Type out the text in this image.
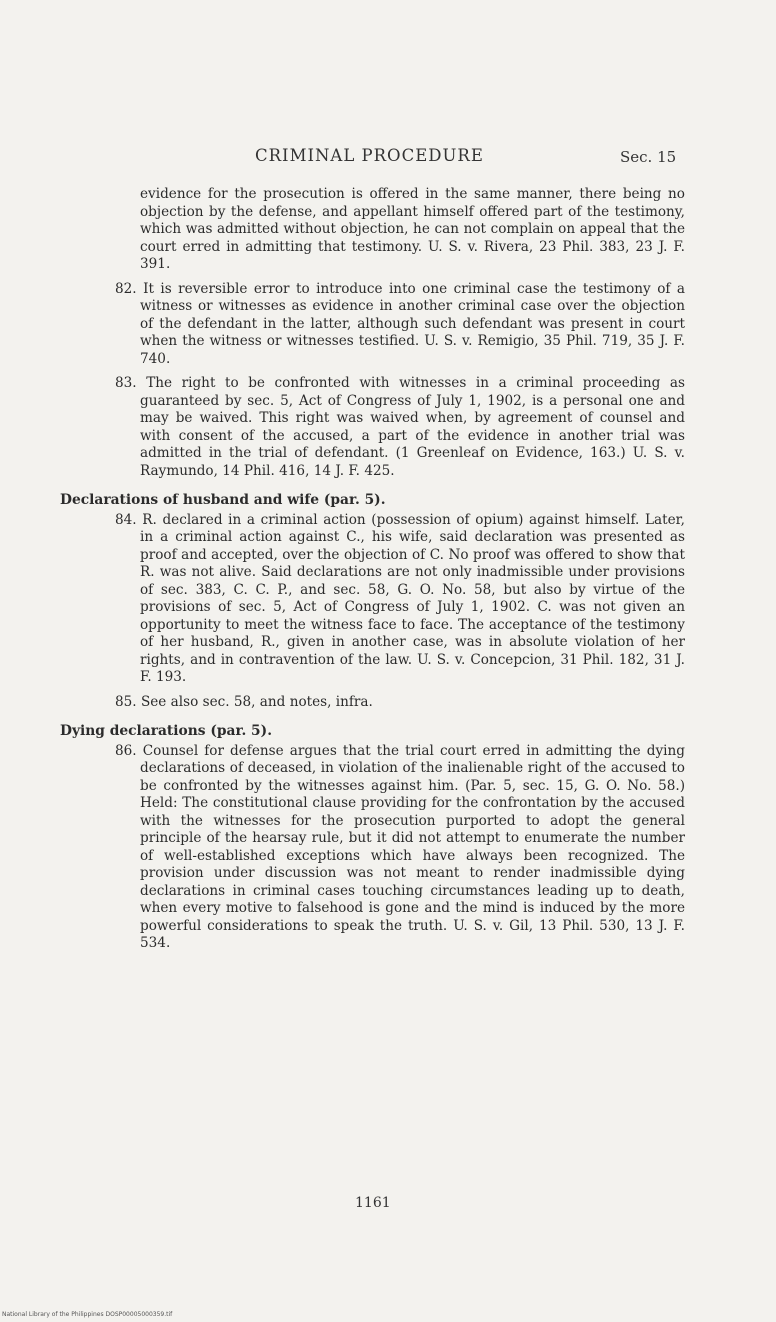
CRIMINAL PROCEDURE	Sec. 15

evidence for the prosecution is offered in the same manner, there being no objection by the defense, and appellant himself offered part of the testimony, which was admitted without objection, he can not complain on appeal that the court erred in admitting that testimony. U. S. v. Rivera, 23 Phil. 383, 23 J. F. 391.

82. It is reversible error to introduce into one criminal case the testimony of a witness or witnesses as evidence in another criminal case over the objection of the defendant in the latter, although such defendant was present in court when the witness or witnesses testified. U. S. v. Remigio, 35 Phil. 719, 35 J. F. 740.

83. The right to be confronted with witnesses in a criminal proceeding as guaranteed by sec. 5, Act of Congress of July 1, 1902, is a personal one and may be waived. This right was waived when, by agreement of counsel and with consent of the accused, a part of the evidence in another trial was admitted in the trial of defendant. (1 Greenleaf on Evidence, 163.) U. S. v. Raymundo, 14 Phil. 416, 14 J. F. 425.

Declarations of husband and wife (par. 5).

84. R. declared in a criminal action (possession of opium) against himself. Later, in a criminal action against C., his wife, said declaration was presented as proof and accepted, over the objection of C. No proof was offered to show that R. was not alive. Said declarations are not only inadmissible under provisions of sec. 383, C. C. P., and sec. 58, G. O. No. 58, but also by virtue of the provisions of sec. 5, Act of Congress of July 1, 1902. C. was not given an opportunity to meet the witness face to face. The acceptance of the testimony of her husband, R., given in another case, was in absolute violation of her rights, and in contravention of the law. U. S. v. Concepcion, 31 Phil. 182, 31 J. F. 193.

85. See also sec. 58, and notes, infra.

Dying declarations (par. 5).

86. Counsel for defense argues that the trial court erred in admitting the dying declarations of deceased, in violation of the inalienable right of the accused to be confronted by the witnesses against him. (Par. 5, sec. 15, G. O. No. 58.) Held: The constitutional clause providing for the confrontation by the accused with the witnesses for the prosecution purported to adopt the general principle of the hearsay rule, but it did not attempt to enumerate the number of well-established exceptions which have always been recognized. The provision under discussion was not meant to render inadmissible dying declarations in criminal cases touching circumstances leading up to death, when every motive to falsehood is gone and the mind is induced by the more powerful considerations to speak the truth. U. S. v. Gil, 13 Phil. 530, 13 J. F. 534.

1161
National Library of the Philippines DOSP00005000359.tif
